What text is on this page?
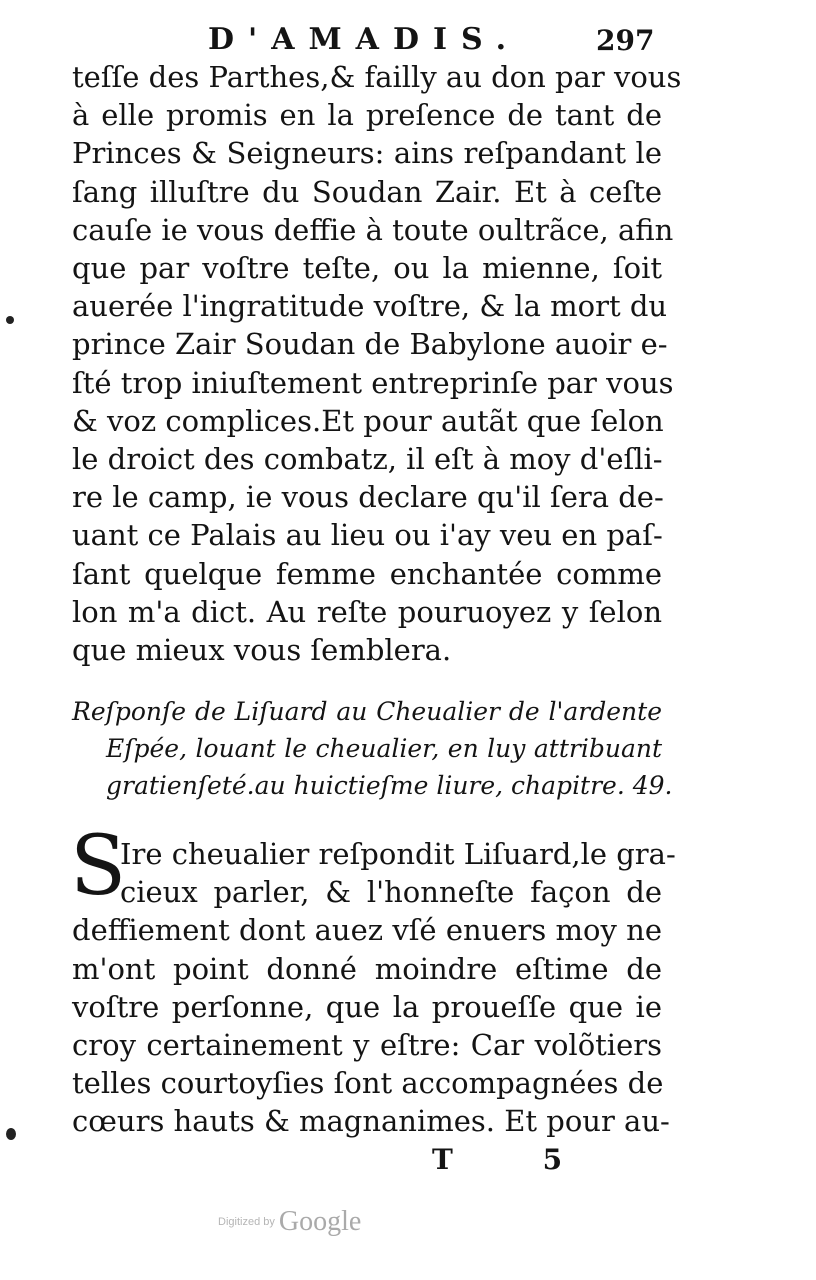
D'AMADIS.	297
teſſe des Parthes,& failly au don par vous
à elle promis en la preſence de tant de
Princes & Seigneurs: ains reſpandant le
ſang illuſtre du Soudan Zair. Et à ceſte
cauſe ie vous deffie à toute oultrãce, afin
que par voſtre teſte, ou la mienne, ſoit
auerée l'ingratitude voſtre, & la mort du
prince Zair Soudan de Babylone auoir e-
ſté trop iniuſtement entreprinſe par vous
& voz complices.Et pour autãt que ſelon
le droict des combatz, il eſt à moy d'eſli-
re le camp, ie vous declare qu'il ſera de-
uant ce Palais au lieu ou i'ay veu en paſ-
ſant quelque femme enchantée comme
lon m'a dict. Au reſte pouruoyez y ſelon
que mieux vous ſemblera.
Reſponſe de Liſuard au Cheualier de l'ardente
Eſpée, louant le cheualier, en luy attribuant
gratienſeté.au huictieſme liure, chapitre. 49.
S
Ire cheualier reſpondit Liſuard,le gra-
cieux parler, & l'honneſte façon de
deffiement dont auez vſé enuers moy ne
m'ont point donné moindre eſtime de
voſtre perſonne, que la proueſſe que ie
croy certainement y eſtre: Car volõtiers
telles courtoyſies ſont accompagnées de
cœurs hauts & magnanimes. Et pour au-
T 5
Digitized by Google
